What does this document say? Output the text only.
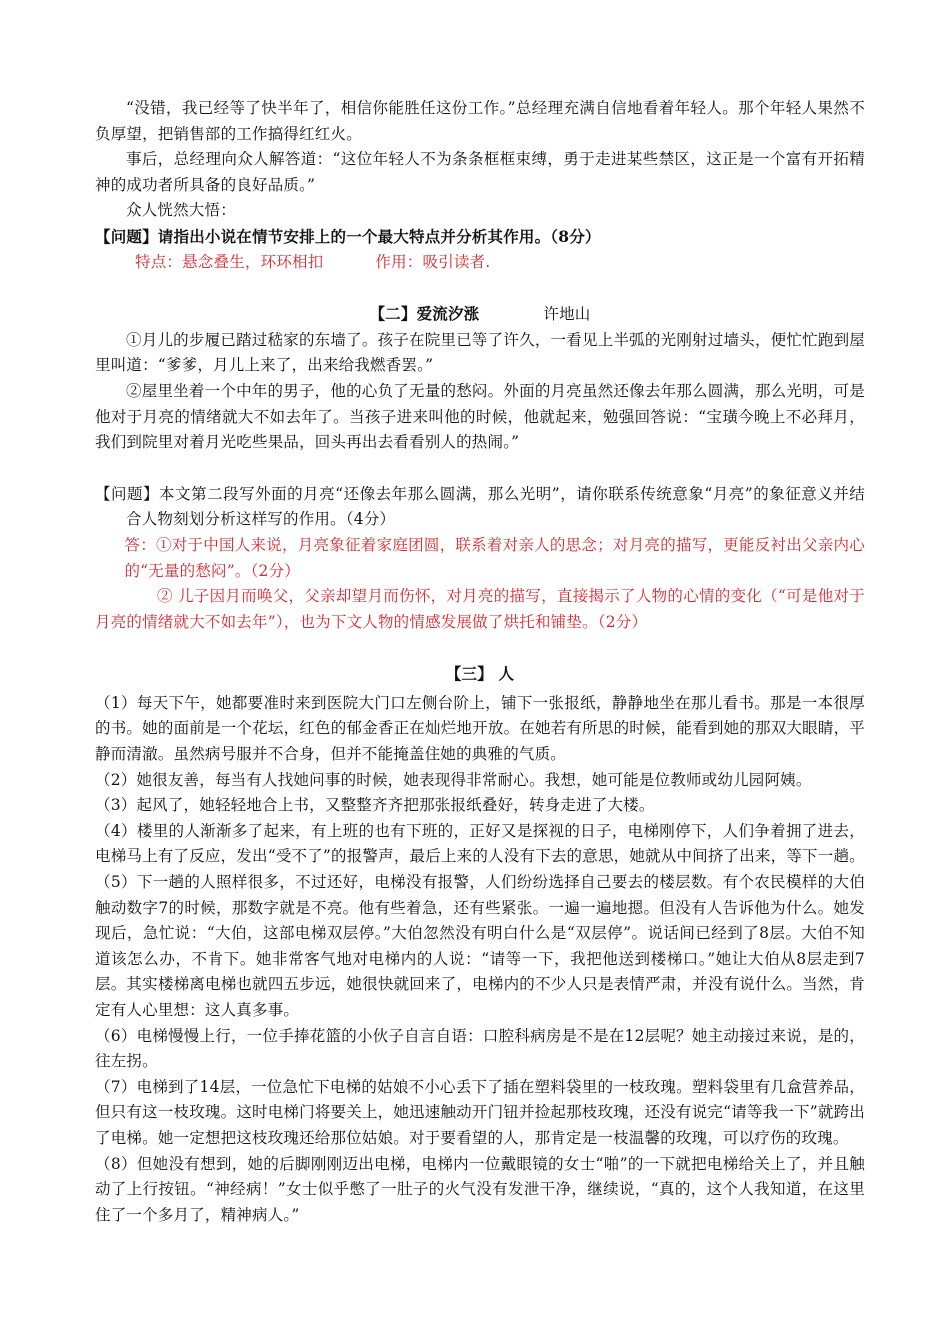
“没错，我已经等了快半年了，相信你能胜任这份工作。”总经理充满自信地看着年轻人。那个年轻人果然不负厚望，把销售部的工作搞得红红火。

事后，总经理向众人解答道：“这位年轻人不为条条框框束缚，勇于走进某些禁区，这正是一个富有开拓精神的成功者所具备的良好品质。”

众人恍然大悟：

【问题】请指出小说在情节安排上的一个最大特点并分析其作用。（8分）

特点：悬念叠生，环环相扣	作用：吸引读者.

【二】爱流汐涨	许地山

①月儿的步履已踏过嵇家的东墙了。孩子在院里已等了许久，一看见上半弧的光刚射过墙头，便忙忙跑到屋里叫道：“爹爹，月儿上来了，出来给我燃香罢。”

②屋里坐着一个中年的男子，他的心负了无量的愁闷。外面的月亮虽然还像去年那么圆满，那么光明，可是他对于月亮的情绪就大不如去年了。当孩子进来叫他的时候，他就起来，勉强回答说：“宝璜今晚上不必拜月，我们到院里对着月光吃些果品，回头再出去看看别人的热闹。”

【问题】本文第二段写外面的月亮“还像去年那么圆满，那么光明”，请你联系传统意象“月亮”的象征意义并结合人物刻划分析这样写的作用。（4分）

答：①对于中国人来说，月亮象征着家庭团圆，联系着对亲人的思念；对月亮的描写，更能反衬出父亲内心的“无量的愁闷”。（2分）

② 儿子因月而唤父，父亲却望月而伤怀，对月亮的描写，直接揭示了人物的心情的变化（“可是他对于月亮的情绪就大不如去年”），也为下文人物的情感发展做了烘托和铺垫。（2分）

【三】 人

（1）每天下午，她都要准时来到医院大门口左侧台阶上，铺下一张报纸，静静地坐在那儿看书。那是一本很厚的书。她的面前是一个花坛，红色的郁金香正在灿烂地开放。在她若有所思的时候，能看到她的那双大眼睛，平静而清澈。虽然病号服并不合身，但并不能掩盖住她的典雅的气质。

（2）她很友善，每当有人找她问事的时候，她表现得非常耐心。我想，她可能是位教师或幼儿园阿姨。

（3）起风了，她轻轻地合上书，又整整齐齐把那张报纸叠好，转身走进了大楼。

（4）楼里的人渐渐多了起来，有上班的也有下班的，正好又是探视的日子，电梯刚停下，人们争着拥了进去，电梯马上有了反应，发出“受不了”的报警声，最后上来的人没有下去的意思，她就从中间挤了出来，等下一趟。

（5）下一趟的人照样很多，不过还好，电梯没有报警，人们纷纷选择自己要去的楼层数。有个农民模样的大伯触动数字7的时候，那数字就是不亮。他有些着急，还有些紧张。一遍一遍地摁。但没有人告诉他为什么。她发现后，急忙说：“大伯，这部电梯双层停。”大伯忽然没有明白什么是“双层停”。说话间已经到了8层。大伯不知道该怎么办，不肯下。她非常客气地对电梯内的人说：“请等一下，我把他送到楼梯口。”她让大伯从8层走到7层。其实楼梯离电梯也就四五步远，她很快就回来了，电梯内的不少人只是表情严肃，并没有说什么。当然，肯定有人心里想：这人真多事。

（6）电梯慢慢上行，一位手捧花篮的小伙子自言自语：口腔科病房是不是在12层呢？她主动接过来说，是的，往左拐。

（7）电梯到了14层，一位急忙下电梯的姑娘不小心丢下了插在塑料袋里的一枝玫瑰。塑料袋里有几盒营养品，但只有这一枝玫瑰。这时电梯门将要关上，她迅速触动开门钮并捡起那枝玫瑰，还没有说完“请等我一下”就跨出了电梯。她一定想把这枝玫瑰还给那位姑娘。对于要看望的人，那肯定是一枝温馨的玫瑰，可以疗伤的玫瑰。

（8）但她没有想到，她的后脚刚刚迈出电梯，电梯内一位戴眼镜的女士“啪”的一下就把电梯给关上了，并且触动了上行按钮。“神经病！”女士似乎憋了一肚子的火气没有发泄干净，继续说，“真的，这个人我知道，在这里住了一个多月了，精神病人。”
